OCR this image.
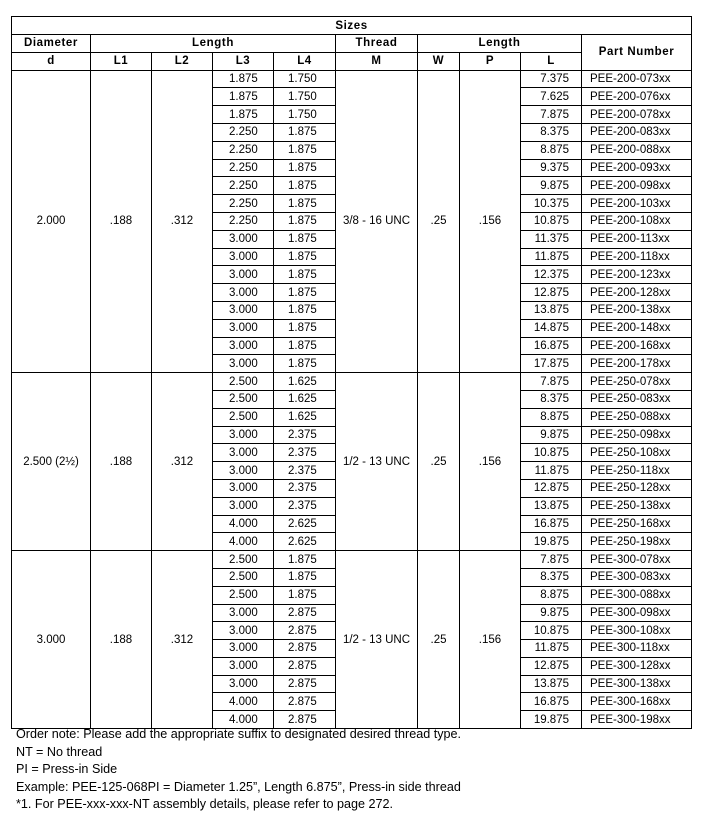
Sizes									
Diameter	Length				Thread	Length			Part Number
d	L1	L2	L3	L4	M	W	P	L	
2.000	.188	.312	1.875	1.750	3/8 - 16 UNC	.25	.156	7.375	PEE-200-073xx
			1.875	1.750				7.625	PEE-200-076xx
			1.875	1.750				7.875	PEE-200-078xx
			2.250	1.875				8.375	PEE-200-083xx
			2.250	1.875				8.875	PEE-200-088xx
			2.250	1.875				9.375	PEE-200-093xx
			2.250	1.875				9.875	PEE-200-098xx
			2.250	1.875				10.375	PEE-200-103xx
			2.250	1.875				10.875	PEE-200-108xx
			3.000	1.875				11.375	PEE-200-113xx
			3.000	1.875				11.875	PEE-200-118xx
			3.000	1.875				12.375	PEE-200-123xx
			3.000	1.875				12.875	PEE-200-128xx
			3.000	1.875				13.875	PEE-200-138xx
			3.000	1.875				14.875	PEE-200-148xx
			3.000	1.875				16.875	PEE-200-168xx
			3.000	1.875				17.875	PEE-200-178xx
2.500 (2½)	.188	.312	2.500	1.625	1/2 - 13 UNC	.25	.156	7.875	PEE-250-078xx
			2.500	1.625				8.375	PEE-250-083xx
			2.500	1.625				8.875	PEE-250-088xx
			3.000	2.375				9.875	PEE-250-098xx
			3.000	2.375				10.875	PEE-250-108xx
			3.000	2.375				11.875	PEE-250-118xx
			3.000	2.375				12.875	PEE-250-128xx
			3.000	2.375				13.875	PEE-250-138xx
			4.000	2.625				16.875	PEE-250-168xx
			4.000	2.625				19.875	PEE-250-198xx
3.000	.188	.312	2.500	1.875	1/2 - 13 UNC	.25	.156	7.875	PEE-300-078xx
			2.500	1.875				8.375	PEE-300-083xx
			2.500	1.875				8.875	PEE-300-088xx
			3.000	2.875				9.875	PEE-300-098xx
			3.000	2.875				10.875	PEE-300-108xx
			3.000	2.875				11.875	PEE-300-118xx
			3.000	2.875				12.875	PEE-300-128xx
			3.000	2.875				13.875	PEE-300-138xx
			4.000	2.875				16.875	PEE-300-168xx
			4.000	2.875				19.875	PEE-300-198xx
Order note: Please add the appropriate suffix to designated desired thread type.
NT = No thread
PI = Press-in Side
Example: PEE-125-068PI = Diameter 1.25”, Length 6.875”, Press-in side thread
*1. For PEE-xxx-xxx-NT assembly details, please refer to page 272.
